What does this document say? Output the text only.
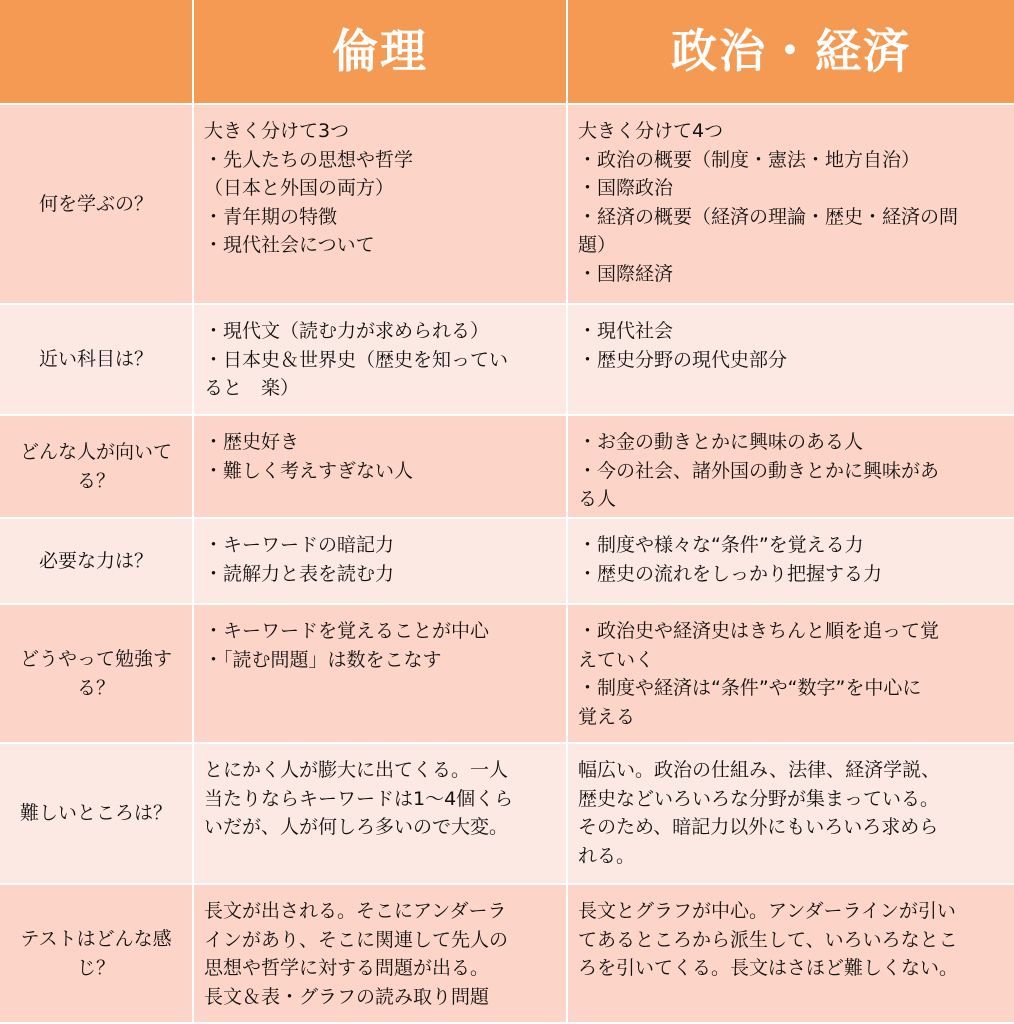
倫理	政治・経済
何を学ぶの？
大きく分けて3つ
・先人たちの思想や哲学
（日本と外国の両方）
・青年期の特徴
・現代社会について
大きく分けて4つ
・政治の概要（制度・憲法・地方自治）
・国際政治
・経済の概要（経済の理論・歴史・経済の問
題）
・国際経済
近い科目は？
・現代文（読む力が求められる）
・日本史＆世界史（歴史を知ってい
ると　楽）
・現代社会
・歴史分野の現代史部分
どんな人が向いてる？
・歴史好き
・難しく考えすぎない人
・お金の動きとかに興味のある人
・今の社会、諸外国の動きとかに興味があ
る人
必要な力は？
・キーワードの暗記力
・読解力と表を読む力
・制度や様々な“条件”を覚える力
・歴史の流れをしっかり把握する力
どうやって勉強する？
・キーワードを覚えることが中心
・「読む問題」は数をこなす
・政治史や経済史はきちんと順を追って覚
えていく
・制度や経済は“条件”や“数字”を中心に
覚える
難しいところは？
とにかく人が膨大に出てくる。一人
当たりならキーワードは1～4個くら
いだが、人が何しろ多いので大変。
幅広い。政治の仕組み、法律、経済学説、
歴史などいろいろな分野が集まっている。
そのため、暗記力以外にもいろいろ求めら
れる。
テストはどんな感じ？
長文が出される。そこにアンダーラ
インがあり、そこに関連して先人の
思想や哲学に対する問題が出る。
長文＆表・グラフの読み取り問題
長文とグラフが中心。アンダーラインが引い
てあるところから派生して、いろいろなとこ
ろを引いてくる。長文はさほど難しくない。
